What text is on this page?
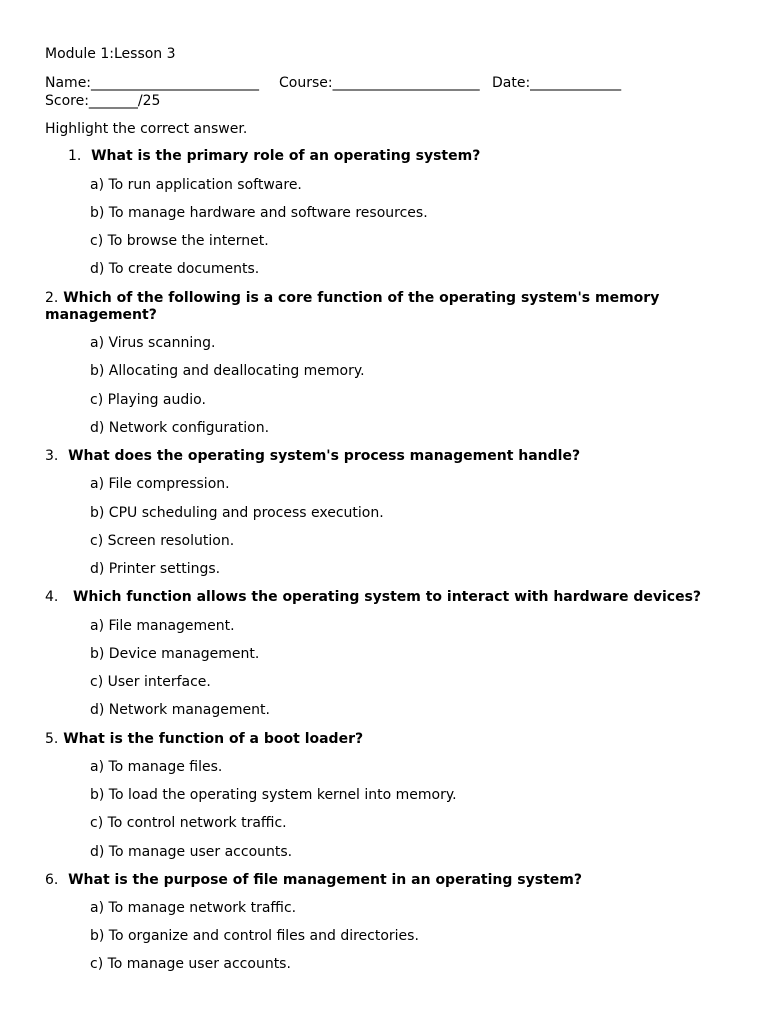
Module 1:Lesson 3
Name:________________________ Course:_____________________ Date:_____________
Score:_______/25
Highlight the correct answer.
1. What is the primary role of an operating system?
a) To run application software.
b) To manage hardware and software resources.
c) To browse the internet.
d) To create documents.
2. Which of the following is a core function of the operating system's memory management?
a) Virus scanning.
b) Allocating and deallocating memory.
c) Playing audio.
d) Network configuration.
3. What does the operating system's process management handle?
a) File compression.
b) CPU scheduling and process execution.
c) Screen resolution.
d) Printer settings.
4. Which function allows the operating system to interact with hardware devices?
a) File management.
b) Device management.
c) User interface.
d) Network management.
5. What is the function of a boot loader?
a) To manage files.
b) To load the operating system kernel into memory.
c) To control network traffic.
d) To manage user accounts.
6. What is the purpose of file management in an operating system?
a) To manage network traffic.
b) To organize and control files and directories.
c) To manage user accounts.
